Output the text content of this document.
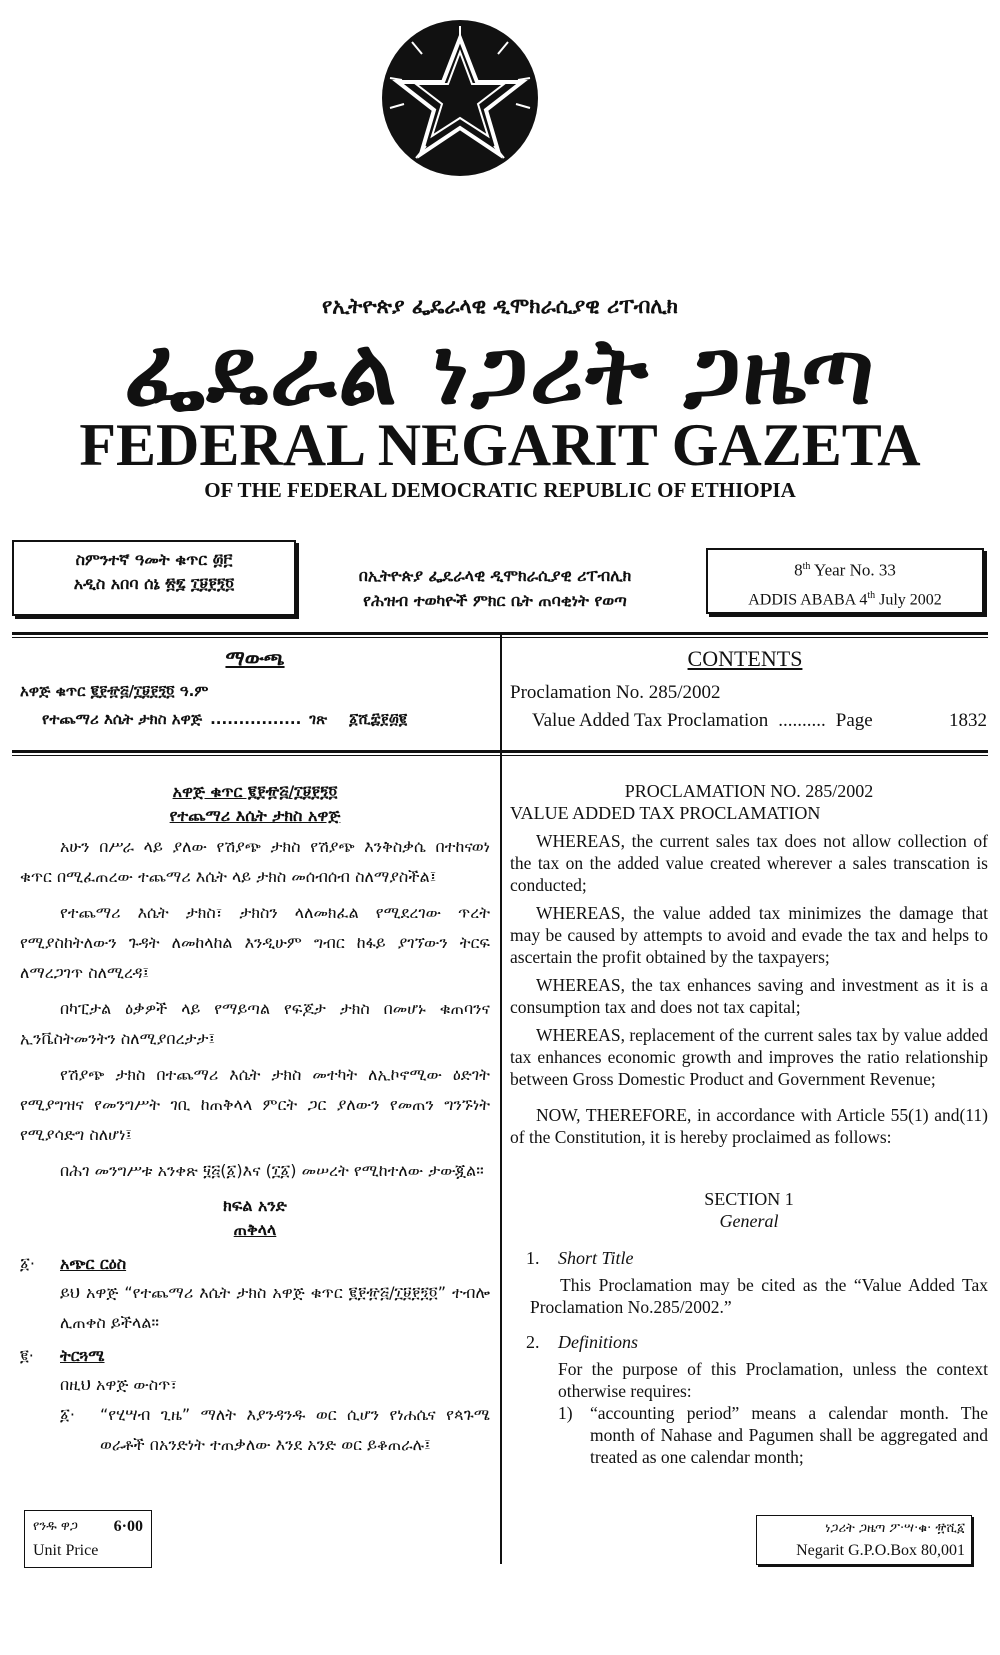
የኢትዮጵያ ፌዴራላዊ ዲሞክራሲያዊ ሪፐብሊክ
ፌዴራል ነጋሪት ጋዜጣ
FEDERAL NEGARIT GAZETA
OF THE FEDERAL DEMOCRATIC REPUBLIC OF ETHIOPIA
ስምንተኛ ዓመት ቁጥር ፴፫
አዲስ አበባ ሰኔ ፳፯ ፲፱፻፺፬	በኢትዮጵያ ፌዴራላዊ ዲሞክራሲያዊ ሪፐብሊክ
የሕዝብ ተወካዮች ምክር ቤት ጠባቂነት የወጣ
8th Year No. 33
ADDIS ABABA 4th July 2002
ማውጫ
አዋጅ ቁጥር ፪፻፹፭/፲፱፻፺፬ ዓ.ም
የተጨማሪ እሴት ታክስ አዋጅ ................ ገጽ ፩ሺ፰፻፴፪
CONTENTS
Proclamation No. 285/2002
Value Added Tax Proclamation .......... Page	1832
አዋጅ ቁጥር ፪፻፹፭/፲፱፻፺፬
የተጨማሪ እሴት ታክስ አዋጅ

አሁን በሥራ ላይ ያለው የሽያጭ ታክስ የሽያጭ እንቅስቃሴ በተከናወነ ቁጥር በሚፈጠረው ተጨማሪ እሴት ላይ ታክስ መሰብሰብ ስለማያስችል፤

የተጨማሪ እሴት ታክስ፣ ታክስን ላለመክፈል የሚደረገው ጥረት የሚያስከትለውን ጉዳት ለመከላከል እንዲሁም ግብር ከፋይ ያገኘውን ትርፍ ለማረጋገጥ ስለሚረዳ፤

በካፒታል ዕቃዎች ላይ የማይጣል የፍጆታ ታክስ በመሆኑ ቁጠባንና ኢንቬስትመንትን ስለሚያበረታታ፤

የሽያጭ ታክስ በተጨማሪ እሴት ታክስ መተካት ለኢኮኖሚው ዕድገት የሚያግዝና የመንግሥት ገቢ ከጠቅላላ ምርት ጋር ያለውን የመጠን ግንኙነት የሚያሳድግ ስለሆነ፤

በሕገ መንግሥቱ አንቀጽ ፶፭(፩)እና (፲፩) መሠረት የሚከተለው ታውጇል።

ክፍል አንድ
ጠቅላላ
፩·	አጭር ርዕስ

ይህ አዋጅ “የተጨማሪ እሴት ታክስ አዋጅ ቁጥር ፪፻፹፭/፲፱፻፺፬” ተብሎ ሊጠቀስ ይችላል።

፪·	ትርጓሜ

በዚህ አዋጅ ውስጥ፣

፩·	“የሂሣብ ጊዜ” ማለት እያንዳንዱ ወር ሲሆን የነሐሴና የጳጉሜ ወራቶች በአንድነት ተጠቃለው እንደ አንድ ወር ይቆጠራሉ፤

PROCLAMATION NO. 285/2002
VALUE ADDED TAX PROCLAMATION

WHEREAS, the current sales tax does not allow collection of the tax on the added value created wherever a sales transcation is conducted;

WHEREAS, the value added tax minimizes the damage that may be caused by attempts to avoid and evade the tax and helps to ascertain the profit obtained by the taxpayers;

WHEREAS, the tax enhances saving and investment as it is a consumption tax and does not tax capital;

WHEREAS, replacement of the current sales tax by value added tax enhances economic growth and improves the ratio relationship between Gross Domestic Product and Government Revenue;

NOW, THEREFORE, in accordance with Article 55(1) and(11) of the Constitution, it is hereby proclaimed as follows:

SECTION 1
General
1.	Short Title

This Proclamation may be cited as the “Value Added Tax Proclamation No.285/2002.”

2.	Definitions

For the purpose of this Proclamation, unless the context otherwise requires:

1) “accounting period” means a calendar month. The month of Nahase and Pagumen shall be aggregated and treated as one calendar month;

የንዱ ዋጋ 6·00
Unit Price
ነጋሪት ጋዜጣ ፖ·ሣ·ቁ· ፹ሺ፩
Negarit G.P.O.Box 80,001
